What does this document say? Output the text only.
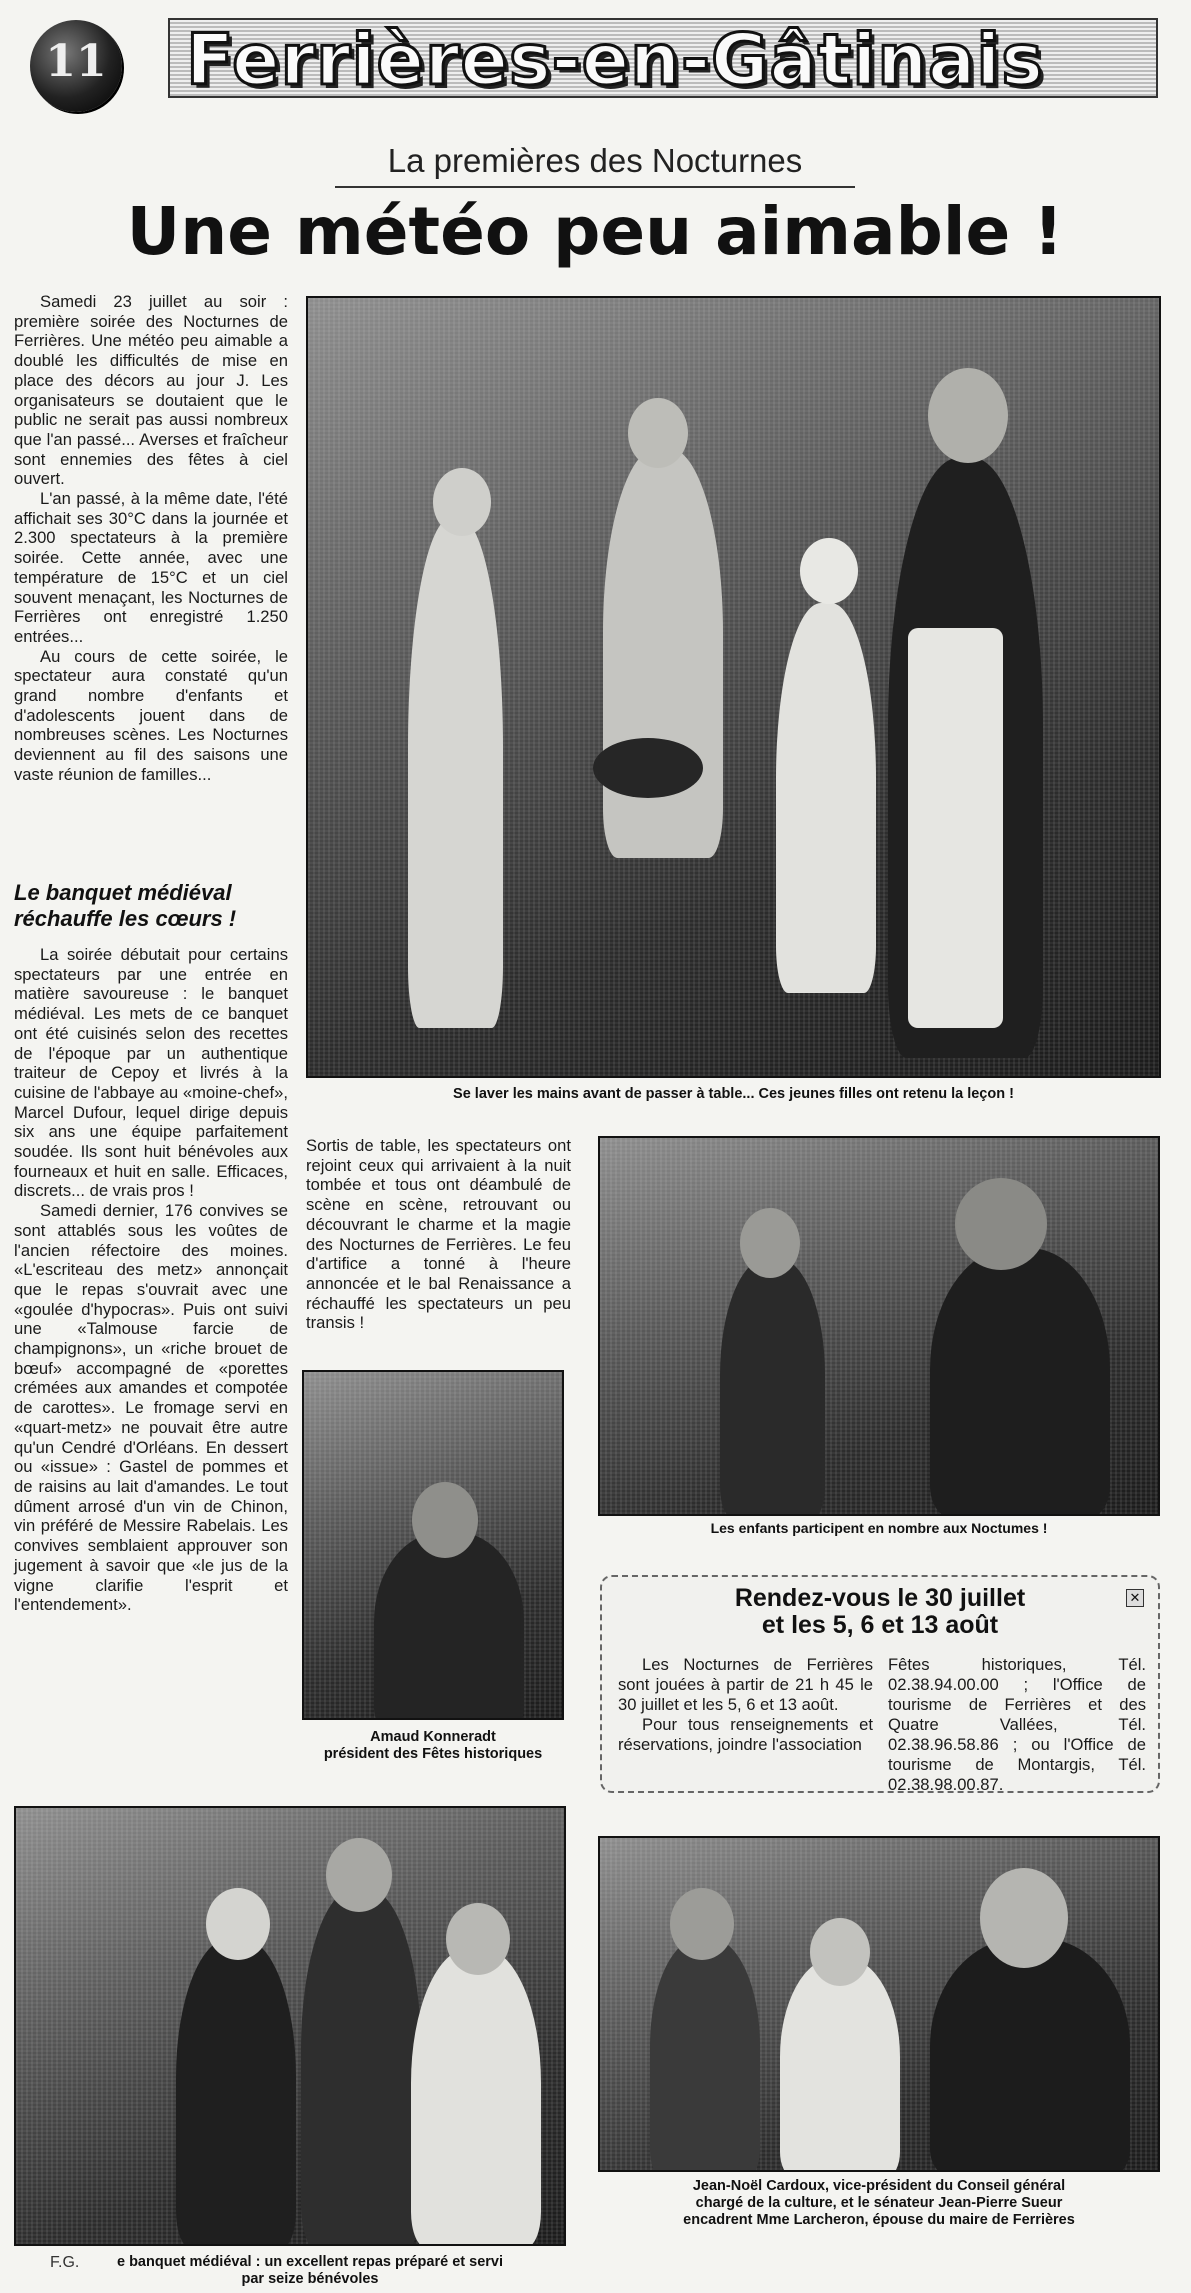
11 Ferrières-en-Gâtinais
La premières des Nocturnes
Une météo peu aimable !

Samedi 23 juillet au soir : première soirée des Nocturnes de Ferrières. Une météo peu aimable a doublé les difficultés de mise en place des décors au jour J. Les organisateurs se doutaient que le public ne serait pas aussi nombreux que l'an passé... Averses et fraîcheur sont ennemies des fêtes à ciel ouvert.

L'an passé, à la même date, l'été affichait ses 30°C dans la journée et 2.300 spectateurs à la première soirée. Cette année, avec une température de 15°C et un ciel souvent menaçant, les Nocturnes de Ferrières ont enregistré 1.250 entrées...

Au cours de cette soirée, le spectateur aura constaté qu'un grand nombre d'enfants et d'adolescents jouent dans de nombreuses scènes. Les Nocturnes deviennent au fil des saisons une vaste réunion de familles...

Le banquet médiéval réchauffe les cœurs !

La soirée débutait pour certains spectateurs par une entrée en matière savoureuse : le banquet médiéval. Les mets de ce banquet ont été cuisinés selon des recettes de l'époque par un authentique traiteur de Cepoy et livrés à la cuisine de l'abbaye au «moine-chef», Marcel Dufour, lequel dirige depuis six ans une équipe parfaitement soudée. Ils sont huit bénévoles aux fourneaux et huit en salle. Efficaces, discrets... de vrais pros !

Samedi dernier, 176 convives se sont attablés sous les voûtes de l'ancien réfectoire des moines. «L'escriteau des metz» annonçait que le repas s'ouvrait avec une «goulée d'hypocras». Puis ont suivi une «Talmouse farcie de champignons», un «riche brouet de bœuf» accompagné de «porettes crémées aux amandes et compotée de carottes». Le fromage servi en «quart-metz» ne pouvait être autre qu'un Cendré d'Orléans. En dessert ou «issue» : Gastel de pommes et de raisins au lait d'amandes. Le tout dûment arrosé d'un vin de Chinon, vin préféré de Messire Rabelais. Les convives semblaient approuver son jugement à savoir que «le jus de la vigne clarifie l'esprit et l'entendement».

Sortis de table, les spectateurs ont rejoint ceux qui arrivaient à la nuit tombée et tous ont déambulé de scène en scène, retrouvant ou découvrant le charme et la magie des Nocturnes de Ferrières. Le feu d'artifice a tonné à l'heure annoncée et le bal Renaissance a réchauffé les spectateurs un peu transis !

Se laver les mains avant de passer à table... Ces jeunes filles ont retenu la leçon !
Les enfants participent en nombre aux Noctumes !
Amaud Konneradt
président des Fêtes historiques
Rendez-vous le 30 juillet
et les 5, 6 et 13 août
✕

Les Nocturnes de Ferrières sont jouées à partir de 21 h 45 le 30 juillet et les 5, 6 et 13 août.

Pour tous renseignements et réservations, joindre l'association

Fêtes historiques, Tél. 02.38.94.00.00 ; l'Office de tourisme de Ferrières et des Quatre Vallées, Tél. 02.38.96.58.86 ; ou l'Office de tourisme de Montargis, Tél. 02.38.98.00.87.

e banquet médiéval : un excellent repas préparé et servi
par seize bénévoles
F.G.
Jean-Noël Cardoux, vice-président du Conseil général
chargé de la culture, et le sénateur Jean-Pierre Sueur
encadrent Mme Larcheron, épouse du maire de Ferrières
